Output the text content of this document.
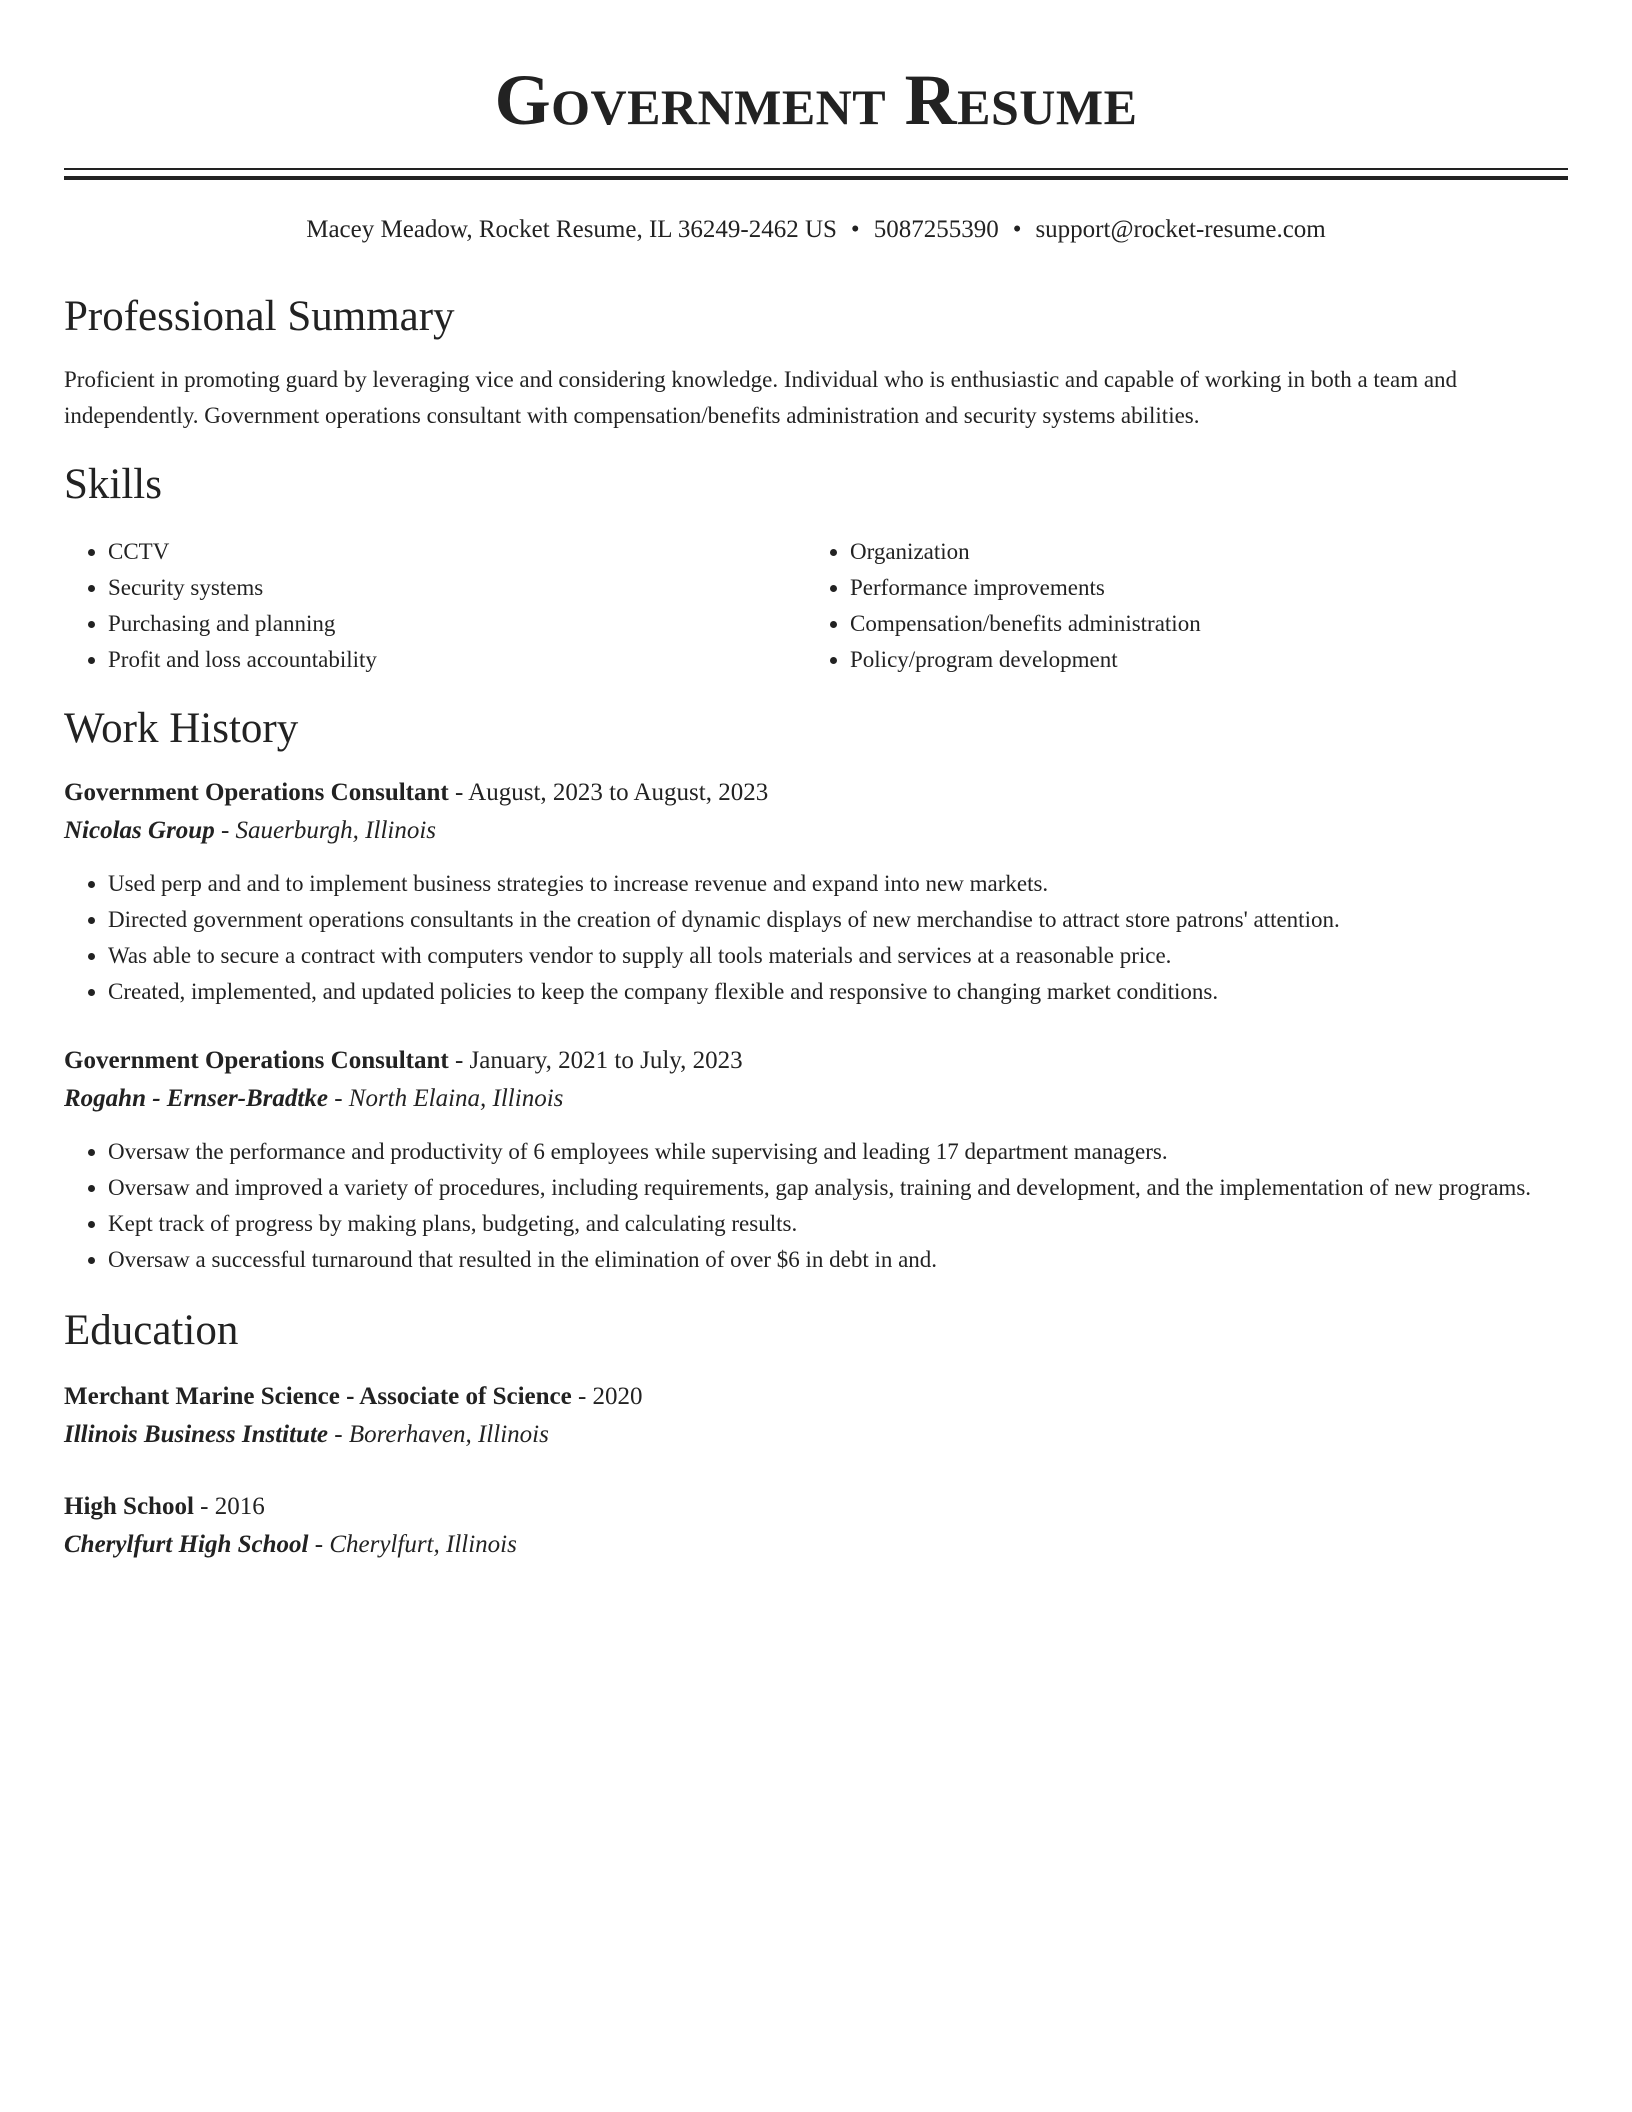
Government Resume
Macey Meadow, Rocket Resume, IL 36249-2462 US • 5087255390 • support@rocket-resume.com
Professional Summary

Proficient in promoting guard by leveraging vice and considering knowledge. Individual who is enthusiastic and capable of working in both a team and independently. Government operations consultant with compensation/benefits administration and security systems abilities.

Skills
• CCTV
• Security systems
• Purchasing and planning
• Profit and loss accountability
• Organization
• Performance improvements
• Compensation/benefits administration
• Policy/program development
Work History
Government Operations Consultant - August, 2023 to August, 2023
Nicolas Group - Sauerburgh, Illinois
• Used perp and and to implement business strategies to increase revenue and expand into new markets.
• Directed government operations consultants in the creation of dynamic displays of new merchandise to attract store patrons' attention.
• Was able to secure a contract with computers vendor to supply all tools materials and services at a reasonable price.
• Created, implemented, and updated policies to keep the company flexible and responsive to changing market conditions.
Government Operations Consultant - January, 2021 to July, 2023
Rogahn - Ernser-Bradtke - North Elaina, Illinois
• Oversaw the performance and productivity of 6 employees while supervising and leading 17 department managers.
• Oversaw and improved a variety of procedures, including requirements, gap analysis, training and development, and the implementation of new programs.
• Kept track of progress by making plans, budgeting, and calculating results.
• Oversaw a successful turnaround that resulted in the elimination of over $6 in debt in and.
Education
Merchant Marine Science - Associate of Science - 2020
Illinois Business Institute - Borerhaven, Illinois
High School - 2016
Cherylfurt High School - Cherylfurt, Illinois
